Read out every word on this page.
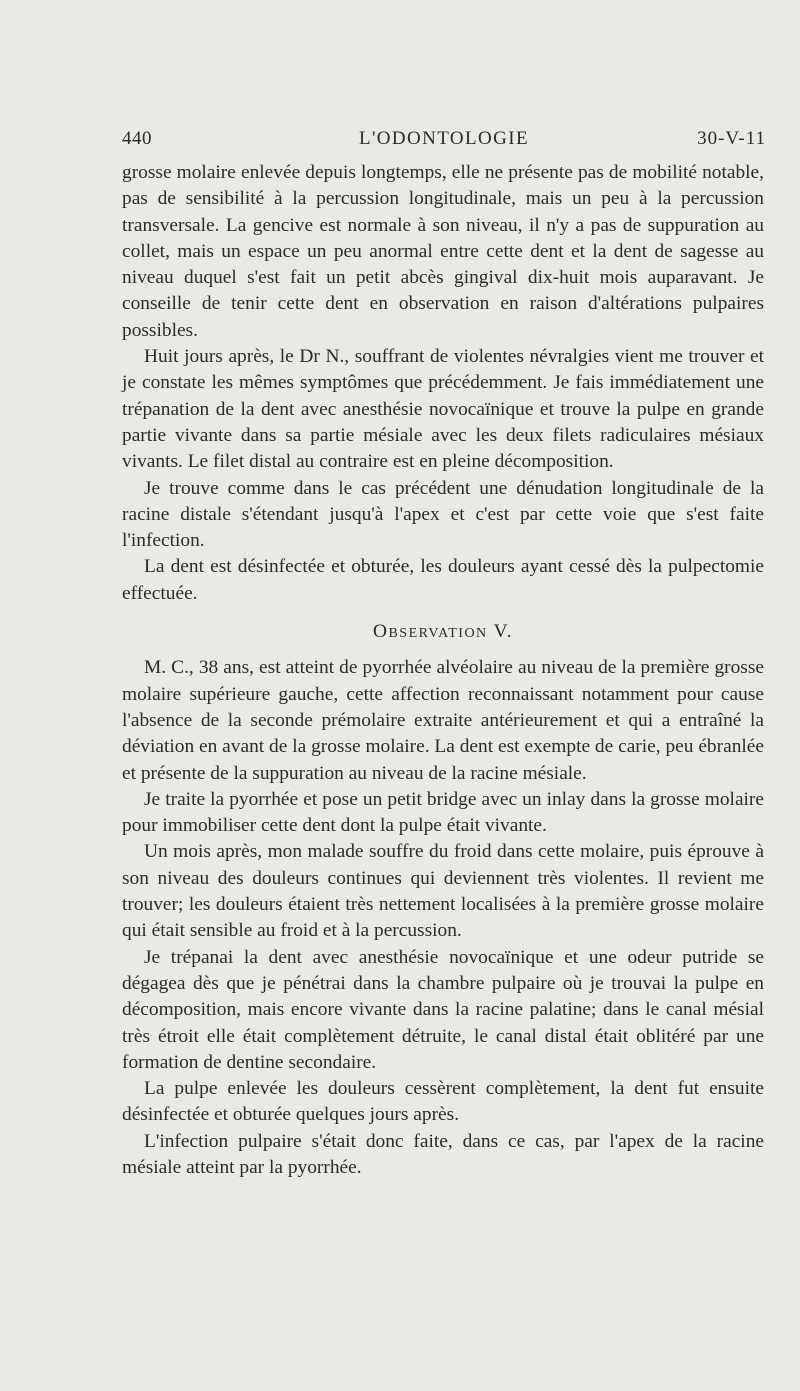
440	L'ODONTOLOGIE	30-V-11

grosse molaire enlevée depuis longtemps, elle ne présente pas de mobilité notable, pas de sensibilité à la percussion longitudinale, mais un peu à la percussion transversale. La gencive est normale à son niveau, il n'y a pas de suppuration au collet, mais un espace un peu anormal entre cette dent et la dent de sagesse au niveau duquel s'est fait un petit abcès gingival dix-huit mois auparavant. Je conseille de tenir cette dent en observation en raison d'altérations pulpaires possibles.

Huit jours après, le Dr N., souffrant de violentes névralgies vient me trouver et je constate les mêmes symptômes que précédemment. Je fais immédiatement une trépanation de la dent avec anesthésie novocaïnique et trouve la pulpe en grande partie vivante dans sa partie mésiale avec les deux filets radiculaires mésiaux vivants. Le filet distal au contraire est en pleine décomposition.

Je trouve comme dans le cas précédent une dénudation longitudinale de la racine distale s'étendant jusqu'à l'apex et c'est par cette voie que s'est faite l'infection.

La dent est désinfectée et obturée, les douleurs ayant cessé dès la pulpectomie effectuée.

Observation V.

M. C., 38 ans, est atteint de pyorrhée alvéolaire au niveau de la première grosse molaire supérieure gauche, cette affection reconnaissant notamment pour cause l'absence de la seconde prémolaire extraite antérieurement et qui a entraîné la déviation en avant de la grosse molaire. La dent est exempte de carie, peu ébranlée et présente de la suppuration au niveau de la racine mésiale.

Je traite la pyorrhée et pose un petit bridge avec un inlay dans la grosse molaire pour immobiliser cette dent dont la pulpe était vivante.

Un mois après, mon malade souffre du froid dans cette molaire, puis éprouve à son niveau des douleurs continues qui deviennent très violentes. Il revient me trouver; les douleurs étaient très nettement localisées à la première grosse molaire qui était sensible au froid et à la percussion.

Je trépanai la dent avec anesthésie novocaïnique et une odeur putride se dégagea dès que je pénétrai dans la chambre pulpaire où je trouvai la pulpe en décomposition, mais encore vivante dans la racine palatine; dans le canal mésial très étroit elle était complètement détruite, le canal distal était oblitéré par une formation de dentine secondaire.

La pulpe enlevée les douleurs cessèrent complètement, la dent fut ensuite désinfectée et obturée quelques jours après.

L'infection pulpaire s'était donc faite, dans ce cas, par l'apex de la racine mésiale atteint par la pyorrhée.
